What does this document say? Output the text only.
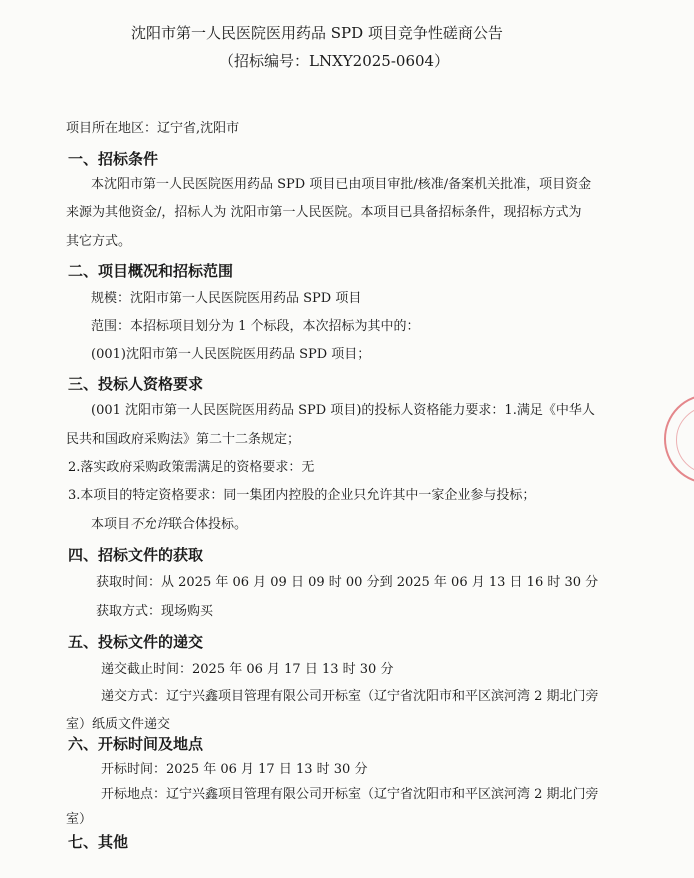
沈阳市第一人民医院医用药品 SPD 项目竞争性磋商公告
（招标编号：LNXY2025-0604）
项目所在地区：辽宁省,沈阳市
一、招标条件
本沈阳市第一人民医院医用药品 SPD 项目已由项目审批/核准/备案机关批准，项目资金
来源为其他资金/，招标人为 沈阳市第一人民医院。本项目已具备招标条件，现招标方式为
其它方式。
二、项目概况和招标范围
规模：沈阳市第一人民医院医用药品 SPD 项目
范围：本招标项目划分为 1 个标段，本次招标为其中的：
(001)沈阳市第一人民医院医用药品 SPD 项目；
三、投标人资格要求
(001 沈阳市第一人民医院医用药品 SPD 项目)的投标人资格能力要求：1.满足《中华人
民共和国政府采购法》第二十二条规定；
2.落实政府采购政策需满足的资格要求：无
3.本项目的特定资格要求：同一集团内控股的企业只允许其中一家企业参与投标；
本项目不允许联合体投标。
四、招标文件的获取
获取时间：从 2025 年 06 月 09 日 09 时 00 分到 2025 年 06 月 13 日 16 时 30 分
获取方式：现场购买
五、投标文件的递交
递交截止时间：2025 年 06 月 17 日 13 时 30 分
递交方式：辽宁兴鑫项目管理有限公司开标室（辽宁省沈阳市和平区滨河湾 2 期北门旁
室）纸质文件递交
六、开标时间及地点
开标时间：2025 年 06 月 17 日 13 时 30 分
开标地点：辽宁兴鑫项目管理有限公司开标室（辽宁省沈阳市和平区滨河湾 2 期北门旁
室）
七、其他
